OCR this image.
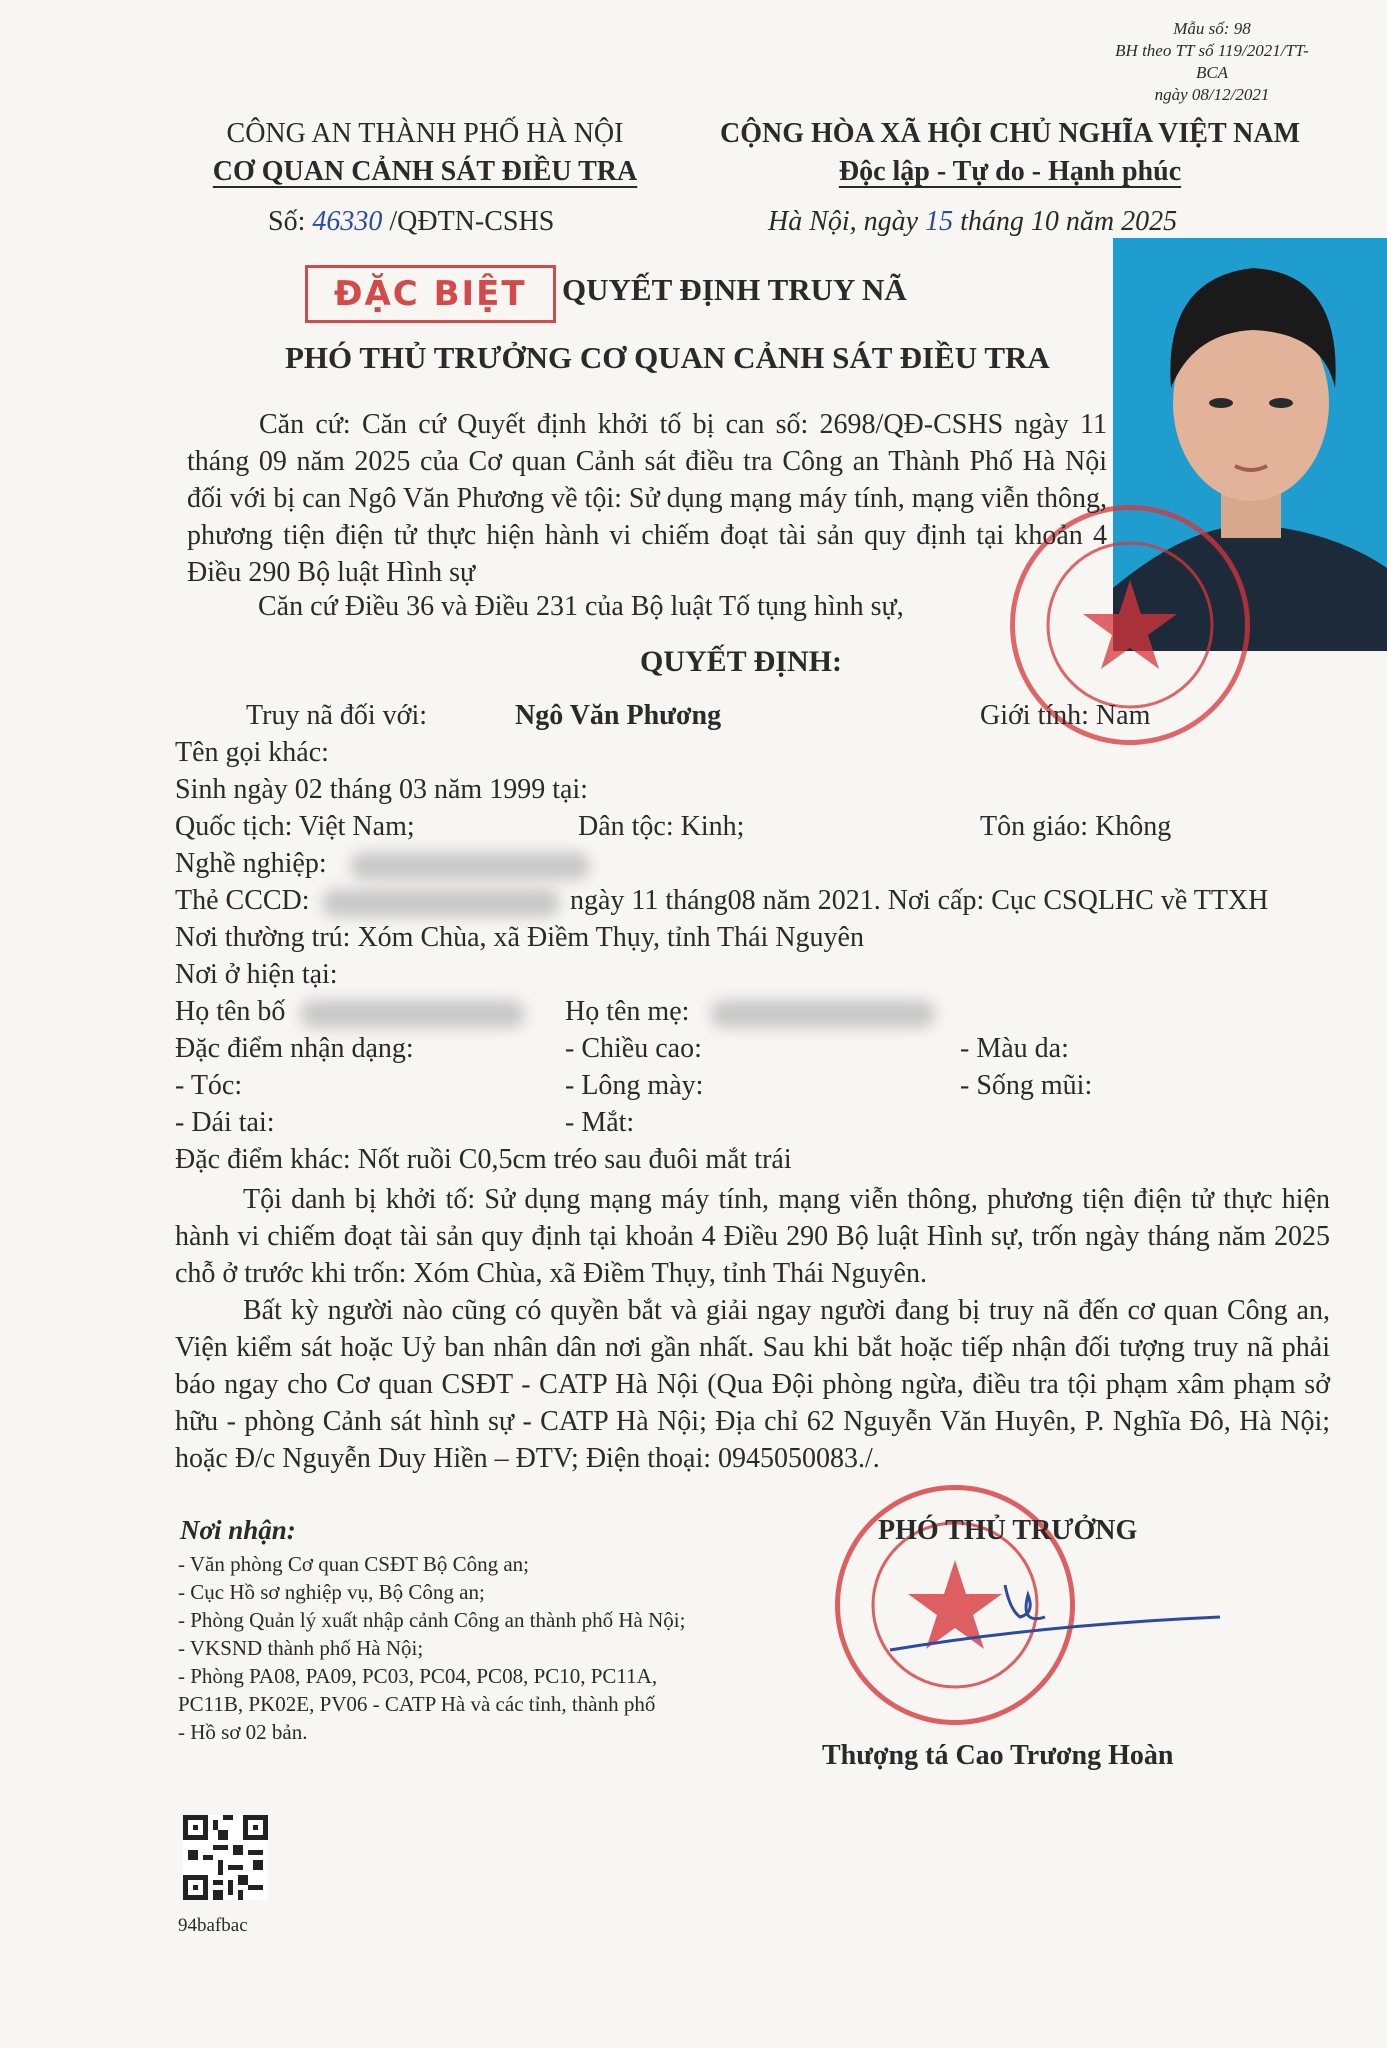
Mẫu số: 98
BH theo TT số 119/2021/TT-BCA
ngày 08/12/2021
CÔNG AN THÀNH PHỐ HÀ NỘI
CƠ QUAN CẢNH SÁT ĐIỀU TRA
Số: 46330 /QĐTN-CSHS
CỘNG HÒA XÃ HỘI CHỦ NGHĨA VIỆT NAM
Độc lập - Tự do - Hạnh phúc
Hà Nội, ngày 15 tháng 10 năm 2025
ĐẶC BIỆT	QUYẾT ĐỊNH TRUY NÃ
PHÓ THỦ TRƯỞNG CƠ QUAN CẢNH SÁT ĐIỀU TRA
Căn cứ: Căn cứ Quyết định khởi tố bị can số: 2698/QĐ-CSHS ngày 11 tháng 09 năm 2025 của Cơ quan Cảnh sát điều tra Công an Thành Phố Hà Nội đối với bị can Ngô Văn Phương về tội: Sử dụng mạng máy tính, mạng viễn thông, phương tiện điện tử thực hiện hành vi chiếm đoạt tài sản quy định tại khoản 4 Điều 290 Bộ luật Hình sự
Căn cứ Điều 36 và Điều 231 của Bộ luật Tố tụng hình sự,
QUYẾT ĐỊNH:
Truy nã đối với:	Ngô Văn Phương	Giới tính: Nam
Tên gọi khác:
Sinh ngày 02 tháng 03 năm 1999 tại:
Quốc tịch: Việt Nam;	Dân tộc: Kinh;	Tôn giáo: Không
Nghề nghiệp:
Thẻ CCCD:	ngày 11 tháng08 năm 2021. Nơi cấp: Cục CSQLHC về TTXH
Nơi thường trú: Xóm Chùa, xã Điềm Thụy, tỉnh Thái Nguyên
Nơi ở hiện tại:
Họ tên bố	Họ tên mẹ:
Đặc điểm nhận dạng:	- Chiều cao:	- Màu da:
- Tóc:	- Lông mày:	- Sống mũi:
- Dái tai:	- Mắt:
Đặc điểm khác: Nốt ruồi C0,5cm tréo sau đuôi mắt trái
Tội danh bị khởi tố: Sử dụng mạng máy tính, mạng viễn thông, phương tiện điện tử thực hiện hành vi chiếm đoạt tài sản quy định tại khoản 4 Điều 290 Bộ luật Hình sự, trốn ngày tháng năm 2025 chỗ ở trước khi trốn: Xóm Chùa, xã Điềm Thụy, tỉnh Thái Nguyên.
Bất kỳ người nào cũng có quyền bắt và giải ngay người đang bị truy nã đến cơ quan Công an, Viện kiểm sát hoặc Uỷ ban nhân dân nơi gần nhất. Sau khi bắt hoặc tiếp nhận đối tượng truy nã phải báo ngay cho Cơ quan CSĐT - CATP Hà Nội (Qua Đội phòng ngừa, điều tra tội phạm xâm phạm sở hữu - phòng Cảnh sát hình sự - CATP Hà Nội; Địa chỉ 62 Nguyễn Văn Huyên, P. Nghĩa Đô, Hà Nội; hoặc Đ/c Nguyễn Duy Hiền – ĐTV; Điện thoại: 0945050083./.
Nơi nhận:
- Văn phòng Cơ quan CSĐT Bộ Công an;
- Cục Hồ sơ nghiệp vụ, Bộ Công an;
- Phòng Quản lý xuất nhập cảnh Công an thành phố Hà Nội;
- VKSND thành phố Hà Nội;
- Phòng PA08, PA09, PC03, PC04, PC08, PC10, PC11A, PC11B, PK02E, PV06 - CATP Hà và các tỉnh, thành phố
- Hồ sơ 02 bản.
94bafbac
PHÓ THỦ TRƯỞNG
Thượng tá Cao Trương Hoàn
